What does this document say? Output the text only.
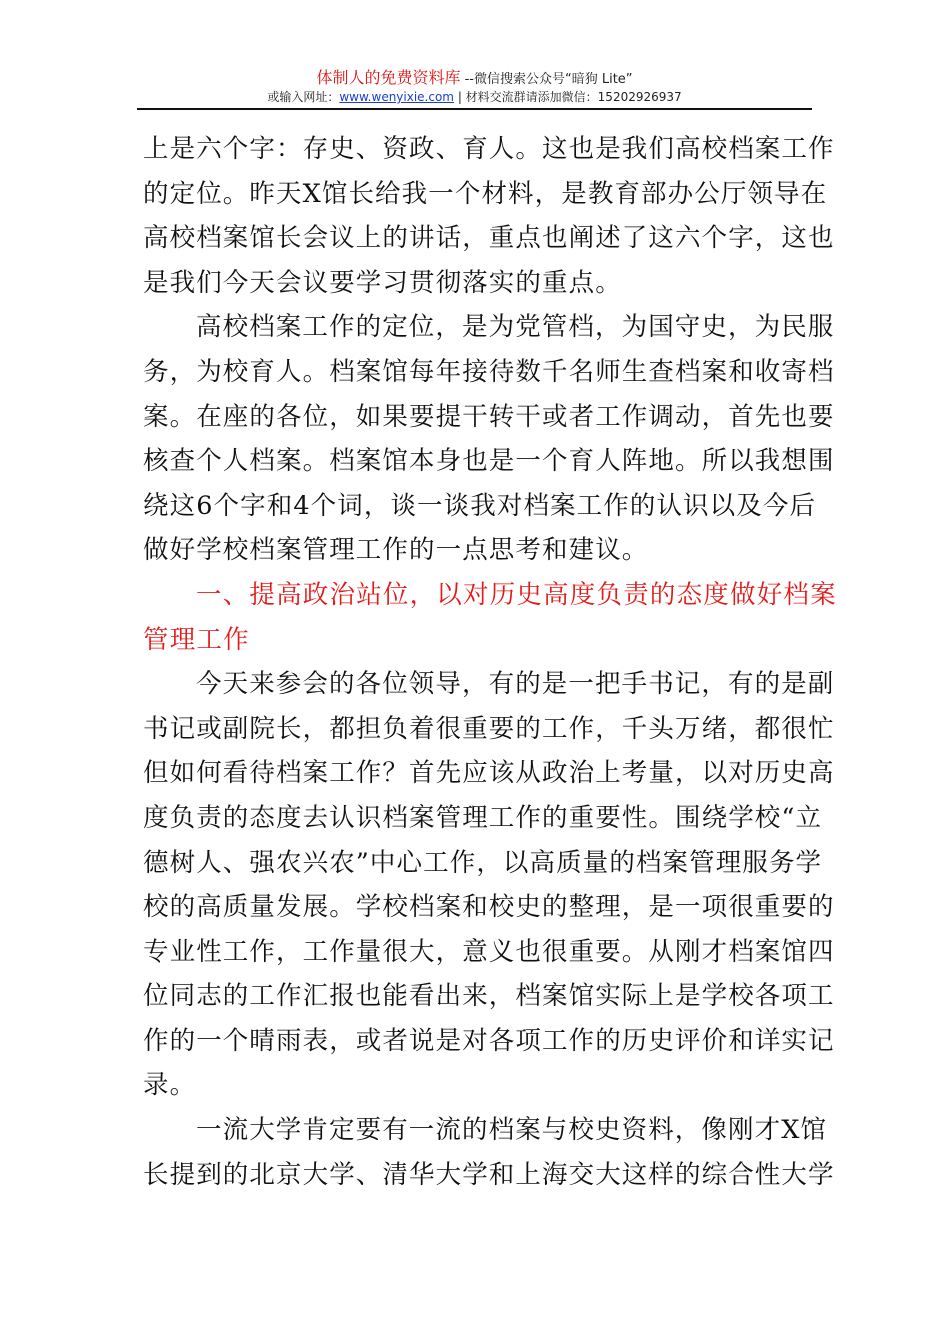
体制人的免费资料库 --微信搜索公众号“暗狗 Lite”
或输入网址：www.wenyixie.com | 材料交流群请添加微信：15202926937

上是六个字：存史、资政、育人。这也是我们高校档案工作
的定位。昨天X馆长给我一个材料，是教育部办公厅领导在
高校档案馆长会议上的讲话，重点也阐述了这六个字，这也
是我们今天会议要学习贯彻落实的重点。

高校档案工作的定位，是为党管档，为国守史，为民服
务，为校育人。档案馆每年接待数千名师生查档案和收寄档
案。在座的各位，如果要提干转干或者工作调动，首先也要
核查个人档案。档案馆本身也是一个育人阵地。所以我想围
绕这6个字和4个词，谈一谈我对档案工作的认识以及今后
做好学校档案管理工作的一点思考和建议。

一、提高政治站位，以对历史高度负责的态度做好档案
管理工作

今天来参会的各位领导，有的是一把手书记，有的是副
书记或副院长，都担负着很重要的工作，千头万绪，都很忙
但如何看待档案工作？首先应该从政治上考量，以对历史高
度负责的态度去认识档案管理工作的重要性。围绕学校“立
德树人、强农兴农”中心工作，以高质量的档案管理服务学
校的高质量发展。学校档案和校史的整理，是一项很重要的
专业性工作，工作量很大，意义也很重要。从刚才档案馆四
位同志的工作汇报也能看出来，档案馆实际上是学校各项工
作的一个晴雨表，或者说是对各项工作的历史评价和详实记
录。

一流大学肯定要有一流的档案与校史资料，像刚才X馆
长提到的北京大学、清华大学和上海交大这样的综合性大学
